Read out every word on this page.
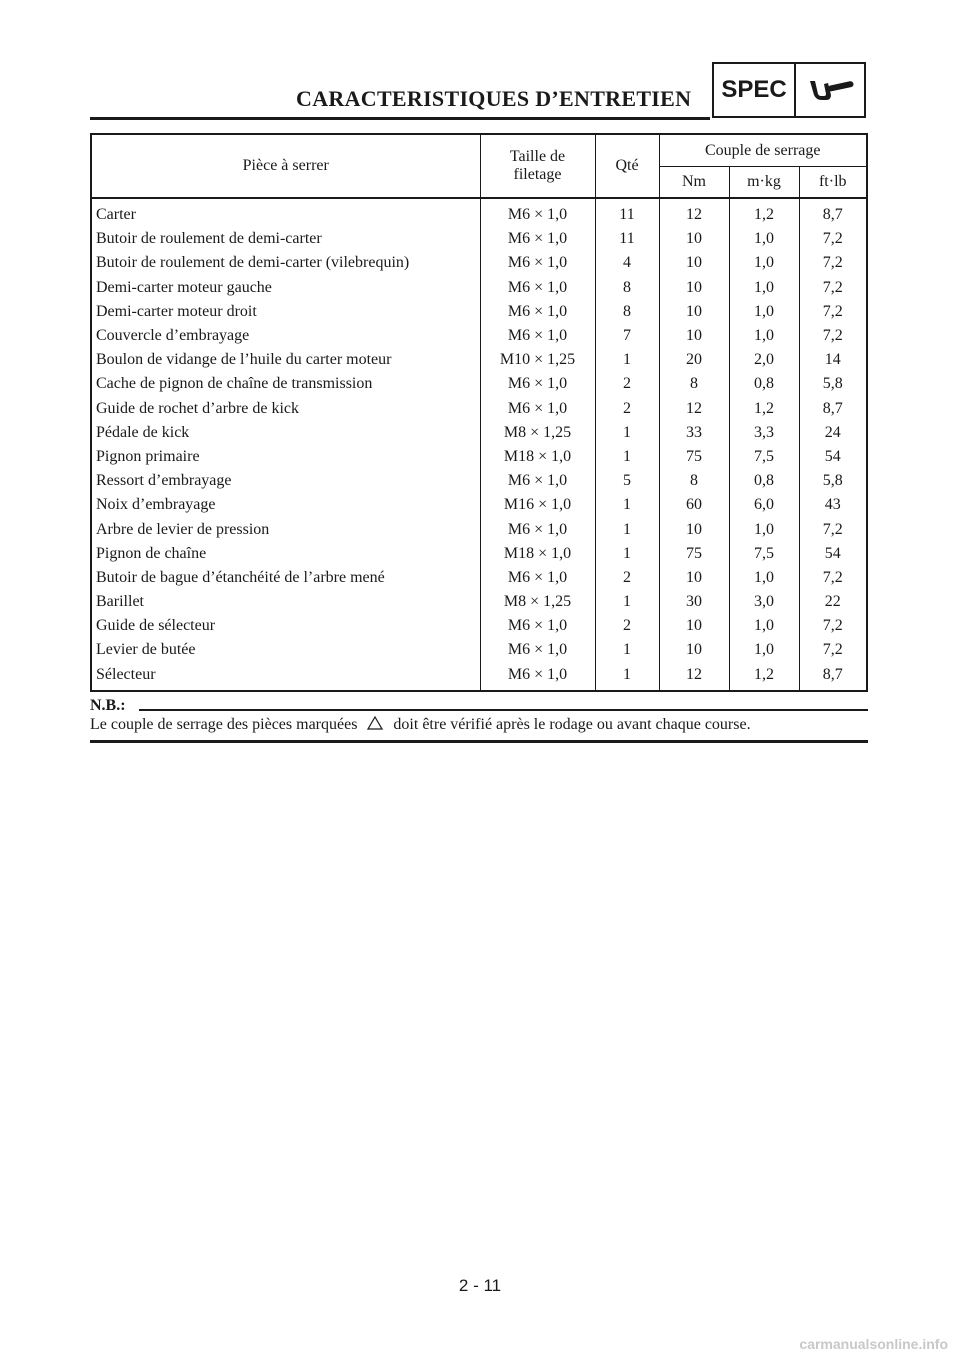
CARACTERISTIQUES D’ENTRETIEN	SPEC
Pièce à serrer	Taille de filetage	Qté	Couple de serrage		
			Nm	m·kg	ft·lb
Carter	M6 × 1,0	11	12	1,2	8,7
Butoir de roulement de demi-carter	M6 × 1,0	11	10	1,0	7,2
Butoir de roulement de demi-carter (vilebrequin)	M6 × 1,0	4	10	1,0	7,2
Demi-carter moteur gauche	M6 × 1,0	8	10	1,0	7,2
Demi-carter moteur droit	M6 × 1,0	8	10	1,0	7,2
Couvercle d’embrayage	M6 × 1,0	7	10	1,0	7,2
Boulon de vidange de l’huile du carter moteur	M10 × 1,25	1	20	2,0	14
Cache de pignon de chaîne de transmission	M6 × 1,0	2	8	0,8	5,8
Guide de rochet d’arbre de kick	M6 × 1,0	2	12	1,2	8,7
Pédale de kick	M8 × 1,25	1	33	3,3	24
Pignon primaire	M18 × 1,0	1	75	7,5	54
Ressort d’embrayage	M6 × 1,0	5	8	0,8	5,8
Noix d’embrayage	M16 × 1,0	1	60	6,0	43
Arbre de levier de pression	M6 × 1,0	1	10	1,0	7,2
Pignon de chaîne	M18 × 1,0	1	75	7,5	54
Butoir de bague d’étanchéité de l’arbre mené	M6 × 1,0	2	10	1,0	7,2
Barillet	M8 × 1,25	1	30	3,0	22
Guide de sélecteur	M6 × 1,0	2	10	1,0	7,2
Levier de butée	M6 × 1,0	1	10	1,0	7,2
Sélecteur	M6 × 1,0	1	12	1,2	8,7
N.B.:
Le couple de serrage des pièces marquées doit être vérifié après le rodage ou avant chaque course.
2 - 11
carmanualsonline.info
